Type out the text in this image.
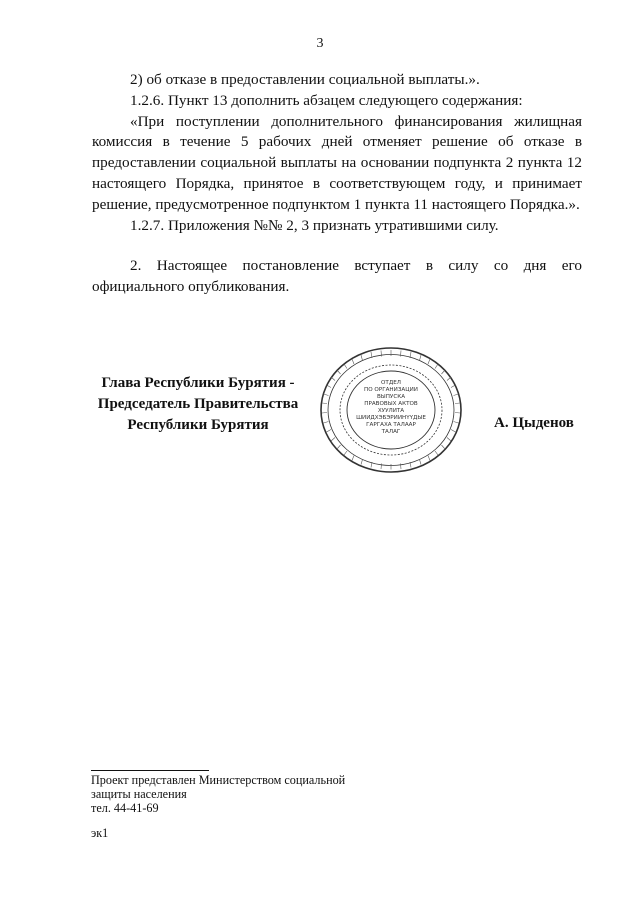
3

2) об отказе в предоставлении социальной выплаты.».

1.2.6. Пункт 13 дополнить абзацем следующего содержания:

«При поступлении дополнительного финансирования жилищная комиссия в течение 5 рабочих дней отменяет решение об отказе в предоставлении социальной выплаты на основании подпункта 2 пункта 12 настоящего Порядка, принятое в соответствующем году, и принимает решение, предусмотренное подпунктом 1 пункта 11 настоящего Порядка.».

1.2.7. Приложения №№ 2, 3 признать утратившими силу.

2. Настоящее постановление вступает в силу со дня его официального опубликования.

Глава Республики Бурятия -
Председатель Правительства
Республики Бурятия
ОТДЕЛ
ПО ОРГАНИЗАЦИИ
ВЫПУСКА
ПРАВОВЫХ АКТОВ
ХУУЛИТА
ШИИДХЭБЭРИИНҮҮДЫЕ
ГАРГАХА ТАЛААР
ТАЛАГ
А. Цыденов
Проект представлен Министерством социальной
защиты населения
тел. 44-41-69
эк1
